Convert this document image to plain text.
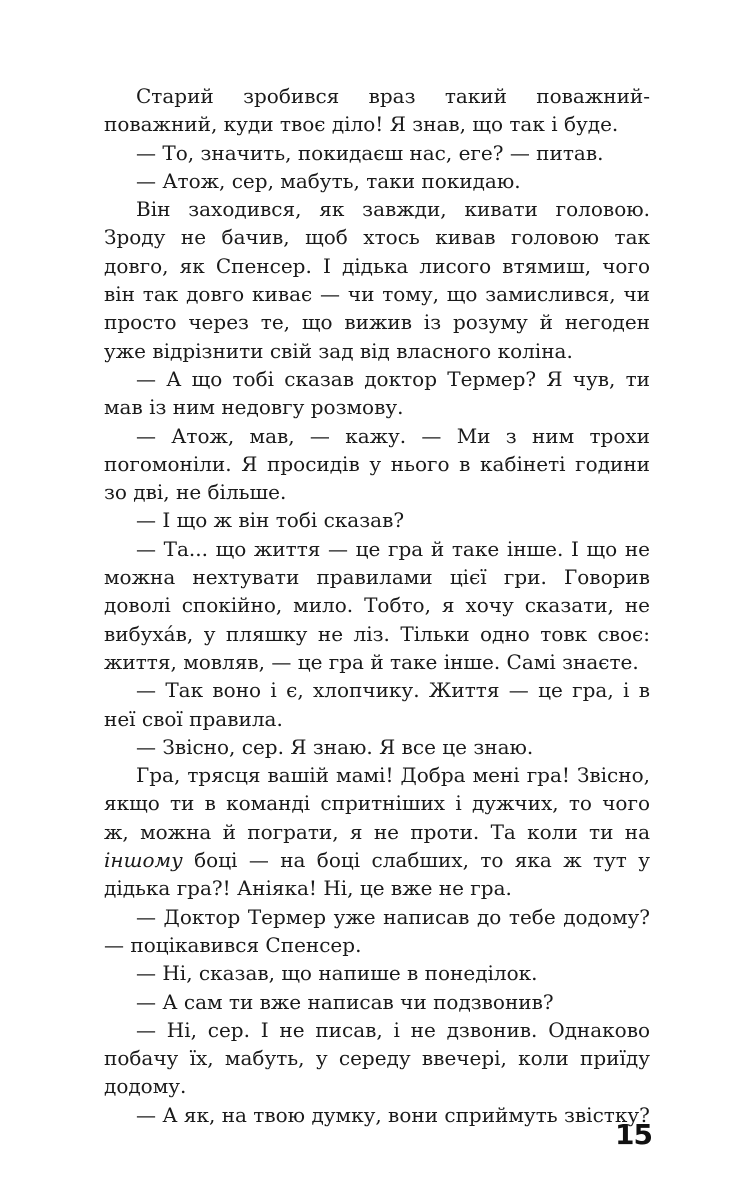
Старий зробився враз такий поважний-поважний, куди твоє діло! Я знав, що так і буде.

— То, значить, покидаєш нас, еге? — питав.

— Атож, сер, мабуть, таки покидаю.

Він заходився, як завжди, кивати головою. Зроду не бачив, щоб хтось кивав головою так довго, як Спенсер. І дідька лисого втямиш, чого він так довго киває — чи тому, що замислився, чи просто через те, що вижив із розуму й негоден уже відрізнити свій зад від власного коліна.

— А що тобі сказав доктор Термер? Я чув, ти мав із ним недовгу розмову.

— Атож, мав, — кажу. — Ми з ним трохи погомоніли. Я просидів у нього в кабінеті години зо дві, не більше.

— І що ж він тобі сказав?

— Та... що життя — це гра й таке інше. І що не можна нехтувати правилами цієї гри. Говорив доволі спокійно, мило. Тобто, я хочу сказати, не вибухáв, у пляшку не ліз. Тільки одно товк своє: життя, мовляв, — це гра й таке інше. Самі знаєте.

— Так воно і є, хлопчику. Життя — це гра, і в неї свої правила.

— Звісно, сер. Я знаю. Я все це знаю.

Гра, трясця вашій мамі! Добра мені гра! Звісно, якщо ти в команді спритніших і дужчих, то чого ж, можна й пограти, я не проти. Та коли ти на іншому боці — на боці слабших, то яка ж тут у дідька гра?! Аніяка! Ні, це вже не гра.

— Доктор Термер уже написав до тебе додому? — поцікавився Спенсер.

— Ні, сказав, що напише в понеділок.

— А сам ти вже написав чи подзвонив?

— Ні, сер. І не писав, і не дзвонив. Однаково побачу їх, мабуть, у середу ввечері, коли приїду додому.

— А як, на твою думку, вони сприймуть звістку?

15
